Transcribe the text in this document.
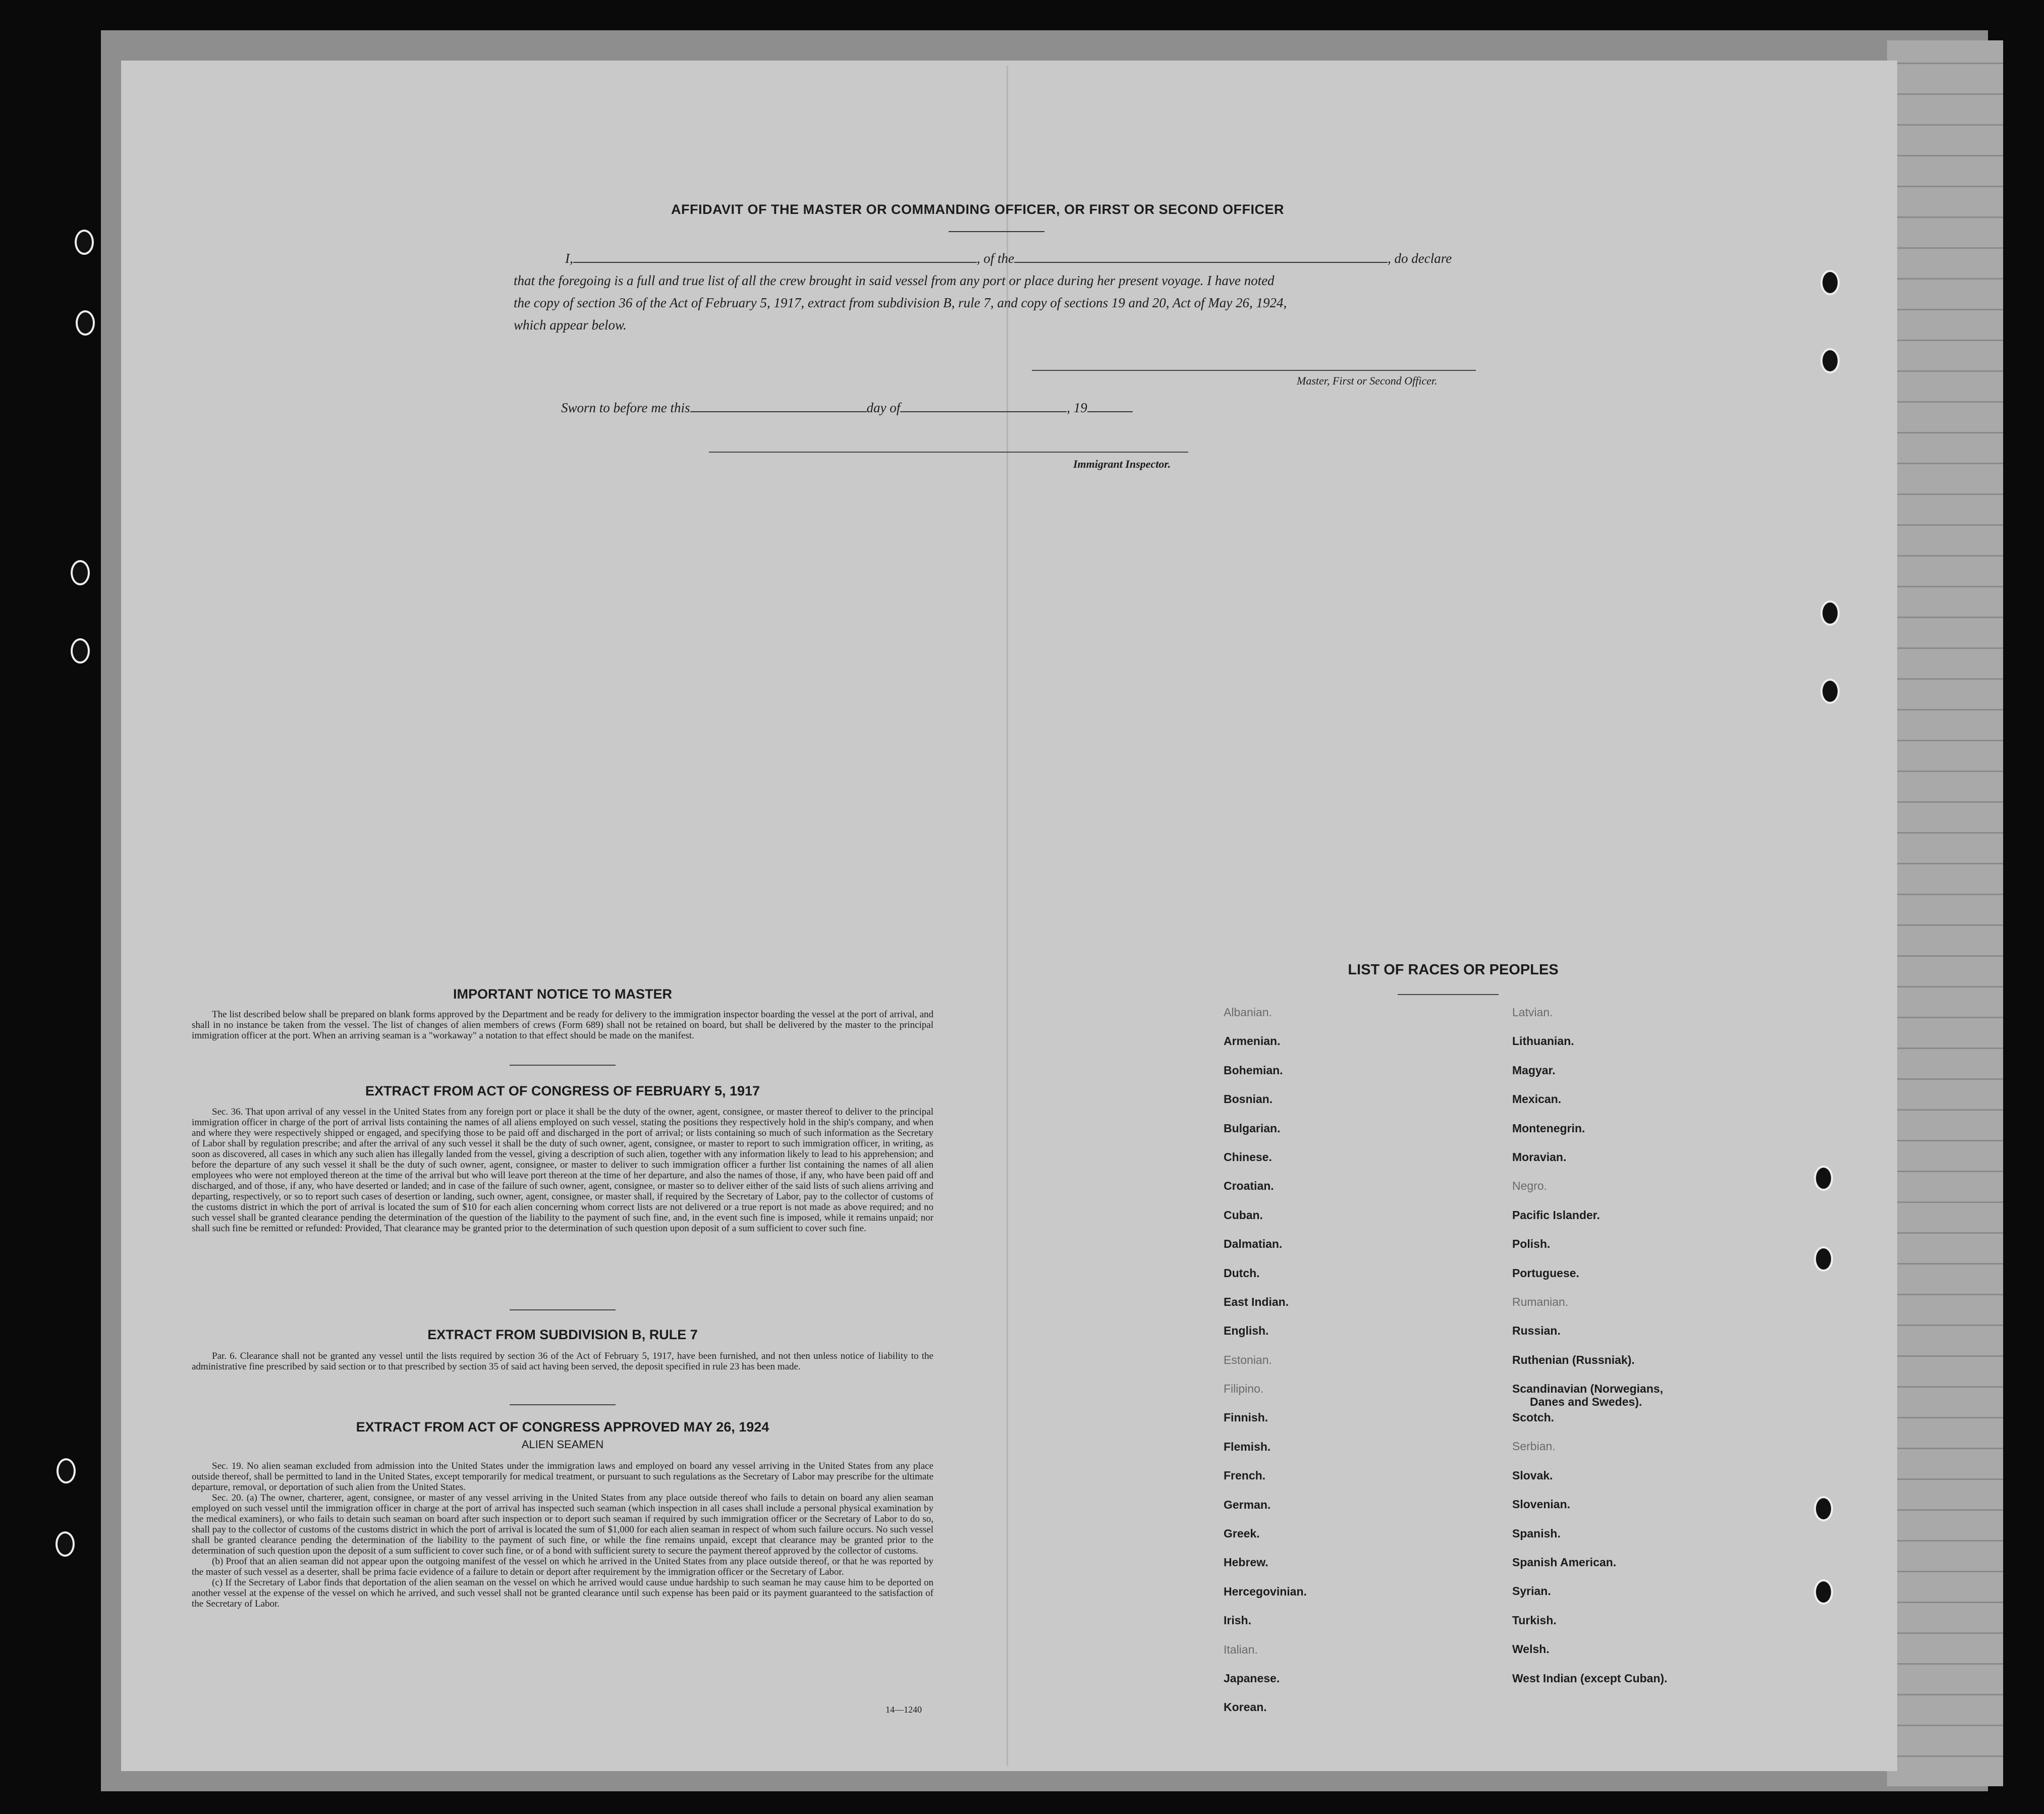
AFFIDAVIT OF THE MASTER OR COMMANDING OFFICER, OR FIRST OR SECOND OFFICER
I,	, of the	, do declare
that the foregoing is a full and true list of all the crew brought in said vessel from any port or place during her present voyage. I have noted
the copy of section 36 of the Act of February 5, 1917, extract from subdivision B, rule 7, and copy of sections 19 and 20, Act of May 26, 1924,
which appear below.
Master, First or Second Officer.
Sworn to before me this	day of	, 19
Immigrant Inspector.
IMPORTANT NOTICE TO MASTER
The list described below shall be prepared on blank forms approved by the Department and be ready for delivery to the immigration inspector boarding the vessel at the port of arrival, and shall in no instance be taken from the vessel. The list of changes of alien members of crews (Form 689) shall not be retained on board, but shall be delivered by the master to the principal immigration officer at the port. When an arriving seaman is a "workaway" a notation to that effect should be made on the manifest.
EXTRACT FROM ACT OF CONGRESS OF FEBRUARY 5, 1917
Sec. 36. That upon arrival of any vessel in the United States from any foreign port or place it shall be the duty of the owner, agent, consignee, or master thereof to deliver to the principal immigration officer in charge of the port of arrival lists containing the names of all aliens employed on such vessel, stating the positions they respectively hold in the ship's company, and when and where they were respectively shipped or engaged, and specifying those to be paid off and discharged in the port of arrival; or lists containing so much of such information as the Secretary of Labor shall by regulation prescribe; and after the arrival of any such vessel it shall be the duty of such owner, agent, consignee, or master to report to such immigration officer, in writing, as soon as discovered, all cases in which any such alien has illegally landed from the vessel, giving a description of such alien, together with any information likely to lead to his apprehension; and before the departure of any such vessel it shall be the duty of such owner, agent, consignee, or master to deliver to such immigration officer a further list containing the names of all alien employees who were not employed thereon at the time of the arrival but who will leave port thereon at the time of her departure, and also the names of those, if any, who have been paid off and discharged, and of those, if any, who have deserted or landed; and in case of the failure of such owner, agent, consignee, or master so to deliver either of the said lists of such aliens arriving and departing, respectively, or so to report such cases of desertion or landing, such owner, agent, consignee, or master shall, if required by the Secretary of Labor, pay to the collector of customs of the customs district in which the port of arrival is located the sum of $10 for each alien concerning whom correct lists are not delivered or a true report is not made as above required; and no such vessel shall be granted clearance pending the determination of the question of the liability to the payment of such fine, and, in the event such fine is imposed, while it remains unpaid; nor shall such fine be remitted or refunded: Provided, That clearance may be granted prior to the determination of such question upon deposit of a sum sufficient to cover such fine.
EXTRACT FROM SUBDIVISION B, RULE 7
Par. 6. Clearance shall not be granted any vessel until the lists required by section 36 of the Act of February 5, 1917, have been furnished, and not then unless notice of liability to the administrative fine prescribed by said section or to that prescribed by section 35 of said act having been served, the deposit specified in rule 23 has been made.
EXTRACT FROM ACT OF CONGRESS APPROVED MAY 26, 1924
ALIEN SEAMEN

Sec. 19. No alien seaman excluded from admission into the United States under the immigration laws and employed on board any vessel arriving in the United States from any place outside thereof, shall be permitted to land in the United States, except temporarily for medical treatment, or pursuant to such regulations as the Secretary of Labor may prescribe for the ultimate departure, removal, or deportation of such alien from the United States.

Sec. 20. (a) The owner, charterer, agent, consignee, or master of any vessel arriving in the United States from any place outside thereof who fails to detain on board any alien seaman employed on such vessel until the immigration officer in charge at the port of arrival has inspected such seaman (which inspection in all cases shall include a personal physical examination by the medical examiners), or who fails to detain such seaman on board after such inspection or to deport such seaman if required by such immigration officer or the Secretary of Labor to do so, shall pay to the collector of customs of the customs district in which the port of arrival is located the sum of $1,000 for each alien seaman in respect of whom such failure occurs. No such vessel shall be granted clearance pending the determination of the liability to the payment of such fine, or while the fine remains unpaid, except that clearance may be granted prior to the determination of such question upon the deposit of a sum sufficient to cover such fine, or of a bond with sufficient surety to secure the payment thereof approved by the collector of customs.

(b) Proof that an alien seaman did not appear upon the outgoing manifest of the vessel on which he arrived in the United States from any place outside thereof, or that he was reported by the master of such vessel as a deserter, shall be prima facie evidence of a failure to detain or deport after requirement by the immigration officer or the Secretary of Labor.

(c) If the Secretary of Labor finds that deportation of the alien seaman on the vessel on which he arrived would cause undue hardship to such seaman he may cause him to be deported on another vessel at the expense of the vessel on which he arrived, and such vessel shall not be granted clearance until such expense has been paid or its payment guaranteed to the satisfaction of the Secretary of Labor.

14—1240
LIST OF RACES OR PEOPLES
Albanian.
Armenian.
Bohemian.
Bosnian.
Bulgarian.
Chinese.
Croatian.
Cuban.
Dalmatian.
Dutch.
East Indian.
English.
Estonian.
Filipino.
Finnish.
Flemish.
French.
German.
Greek.
Hebrew.
Hercegovinian.
Irish.
Italian.
Japanese.
Korean.
Latvian.
Lithuanian.
Magyar.
Mexican.
Montenegrin.
Moravian.
Negro.
Pacific Islander.
Polish.
Portuguese.
Rumanian.
Russian.
Ruthenian (Russniak).
Scandinavian (Norwegians,
Danes and Swedes).
Scotch.
Serbian.
Slovak.
Slovenian.
Spanish.
Spanish American.
Syrian.
Turkish.
Welsh.
West Indian (except Cuban).
